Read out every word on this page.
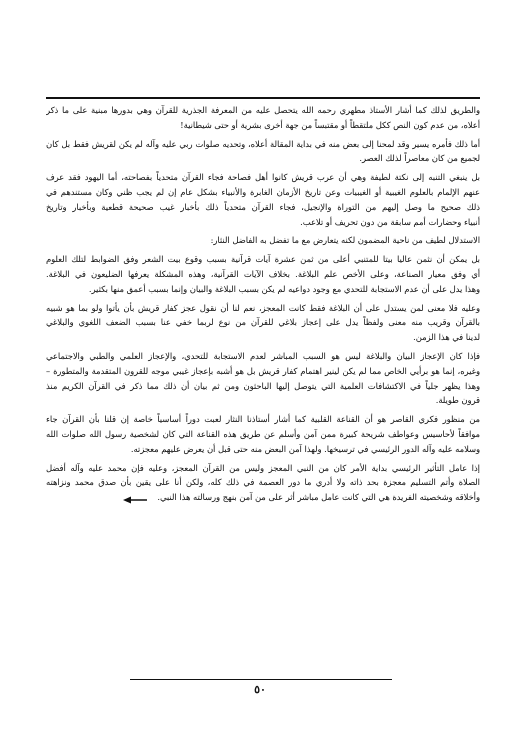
والطريق لذلك كما أشار الأستاذ مطهري رحمه الله يتحصل عليه من المعرفة الجذرية للقرآن وهي بدورها مبنية على ما ذكر
أعلاه، من عدم كون النص ككل ملتقطاً أو مقتبساً من جهة أخرى بشرية أو حتى شيطانية!

أما ذلك فأمره يسير وقد لمحنا إلى بعض منه في بداية المقالة أعلاه، وتحديه صلوات ربي عليه وآله لم يكن لقريش فقط بل كان
لجميع من كان معاصراً لذلك العصر.

بل ينبغي التنبه إلى نكتة لطيفة وهي أن عرب قريش كانوا أهل فصاحة فجاء القرآن متحدياً بفصاحته، أما اليهود فقد عرف
عنهم الإلمام بالعلوم الغيبية أو الغيبيات وعن تاريخ الأزمان الغابرة والأنبياء بشكل عام إن لم يجب ظني وكان مستندهم في
ذلك صحيح ما وصل إليهم من التوراة والإنجيل، فجاء القرآن متحدياً ذلك بأخبار غيب صحيحة قطعية وبأخبار وتاريخ
أنبياء وحضارات أمم سابقة من دون تحريف أو تلاعب.

الاستدلال لطيف من ناحية المضمون لكنه يتعارض مع ما تفضل به الفاضل النثار:

بل يمكن أن نثمن عاليا بيتا للمتنبي أعلى من ثمن عشرة آيات قرآنية بسبب وقوع بيت الشعر وفق الضوابط لتلك العلوم
أي وفق معيار الصناعة، وعلى الأخص علم البلاغة. بخلاف الآيات القرآنية، وهذه المشكلة يعرفها الضليعون في البلاغة.
وهذا يدل على أن عدم الاستجابة للتحدي مع وجود دواعيه لم يكن بسبب البلاغة والبيان وإنما بسبب أعمق منها بكثير.

وعليه فلا معنى لمن يستدل على أن البلاغة فقط كانت المعجز، نعم لنا أن نقول عجز كفار قريش بأن يأتوا ولو بما هو شبيه
بالقرآن وقريب منه معنى ولفظاً يدل على إعجاز بلاغي للقرآن من نوع لربما خفي عنا بسبب الضعف اللغوي والبلاغي
لدينا في هذا الزمن.

فإذا كان الإعجاز البيان والبلاغة ليس هو السبب المباشر لعدم الاستجابة للتحدي، والإعجاز العلمي والطبي والاجتماعي
وغيره، إنما هو برأيي الخاص مما لم يكن لينير اهتمام كفار قريش بل هو أشبه بإعجاز غيبي موجه للقرون المتقدمة والمتطورة –
وهذا يظهر جلياً في الاكتشافات العلمية التي يتوصل إليها الباحثون ومن ثم بيان أن ذلك مما ذكر في القرآن الكريم منذ
قرون طويلة.

من منظور فكري القاصر هو أن القناعة القلبية كما أشار أستاذنا النثار لعبت دوراً أساسياً خاصة إن قلنا بأن القرآن جاء
موافقاً لأحاسيس وعواطف شريحة كبيرة ممن آمن وأسلم عن طريق هذه القناعة التي كان لشخصية رسول الله صلوات الله
وسلامه عليه وآله الدور الرئيسي في ترسيخها. ولهذا آمن البعض منه حتى قبل أن يعرض عليهم معجزته.

إذا عامل التأثير الرئيسي بداية الأمر كان من النبي المعجز وليس من القرآن المعجز، وعليه فإن محمد عليه وآله أفضل
الصلاة وأتم التسليم معجزة بحد ذاته ولا أدري ما دور العصمة في ذلك كله، ولكن أنا على يقين بأن صدق محمد ونزاهته
وأخلاقه وشخصيته الفريدة هي التي كانت عامل مباشر أثر على من آمن بنهج ورسالته هذا النبي.

٥٠
